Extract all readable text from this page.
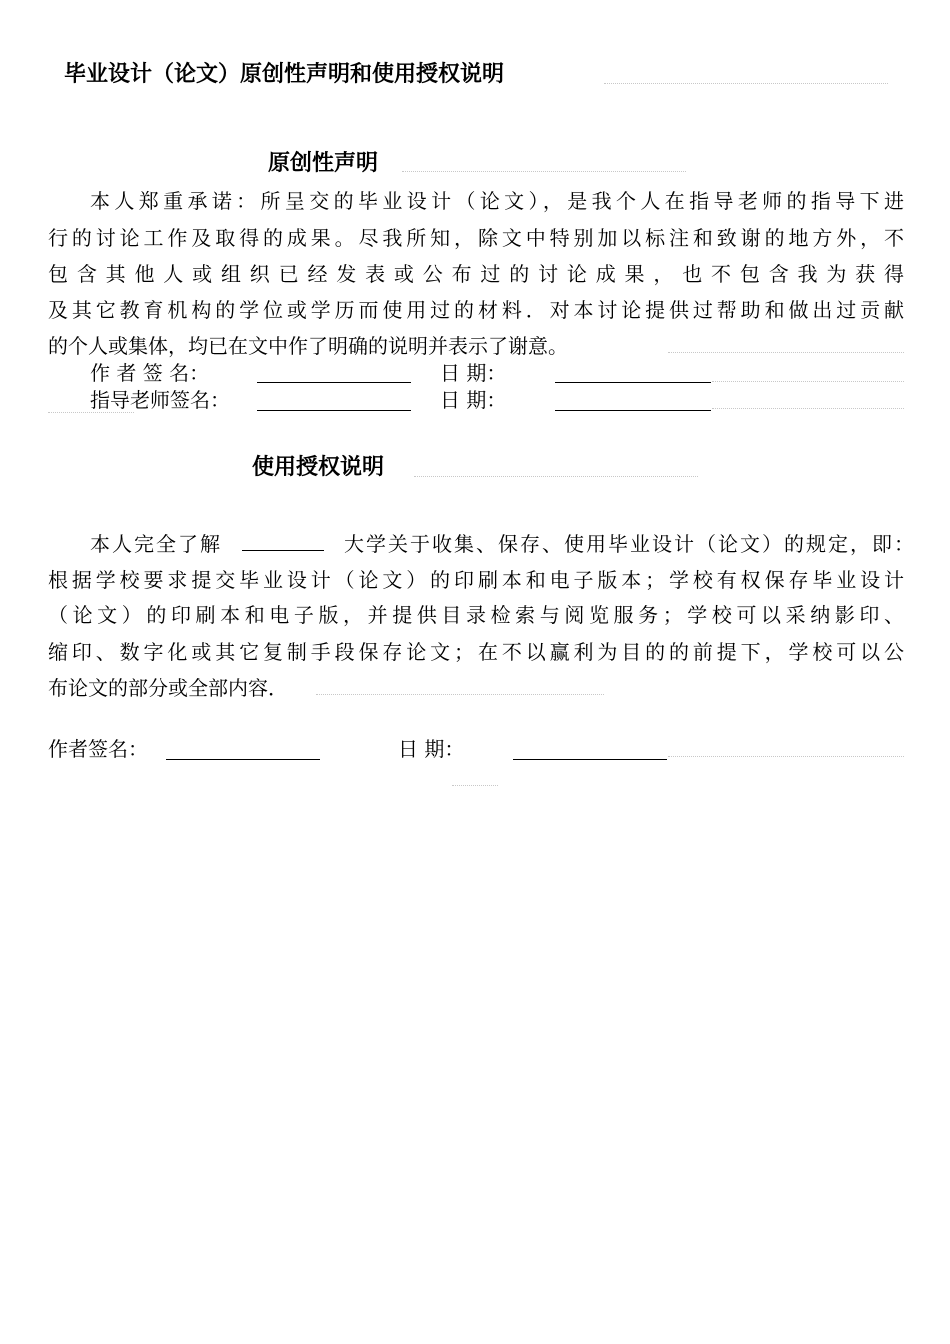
毕业设计（论文）原创性声明和使用授权说明
原创性声明
本人郑重承诺：所呈交的毕业设计（论文），是我个人在指导老师的指导下进
行的讨论工作及取得的成果。尽我所知，除文中特别加以标注和致谢的地方外，不
包含其他人或组织已经发表或公布过的讨论成果，也不包含我为获得
及其它教育机构的学位或学历而使用过的材料．对本讨论提供过帮助和做出过贡献
的个人或集体，均已在文中作了明确的说明并表示了谢意。
作 者 签 名：	日 期：
指导老师签名：	日 期：
使用授权说明
本人完全了解	大学关于收集、保存、使用毕业设计（论文）的规定，即：
根据学校要求提交毕业设计（论文）的印刷本和电子版本；学校有权保存毕业设计
（论文）的印刷本和电子版，并提供目录检索与阅览服务；学校可以采纳影印、
缩印、数字化或其它复制手段保存论文；在不以赢利为目的的前提下，学校可以公
布论文的部分或全部内容．
作者签名：	日 期：
